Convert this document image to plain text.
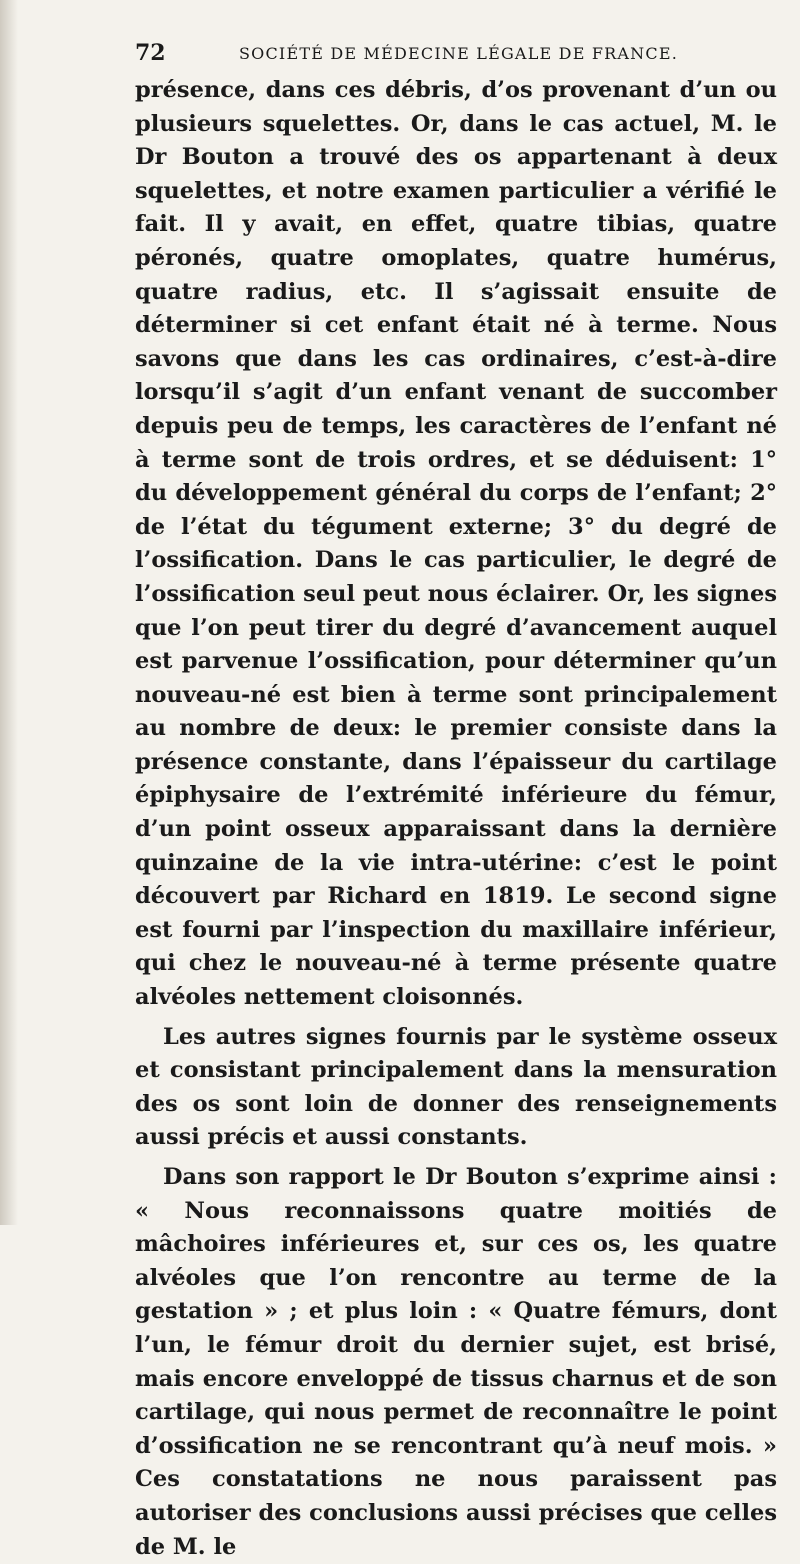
72	SOCIÉTÉ DE MÉDECINE LÉGALE DE FRANCE.

présence, dans ces débris, d’os provenant d’un ou plusieurs squelettes. Or, dans le cas actuel, M. le Dr Bouton a trouvé des os appartenant à deux squelettes, et notre examen particulier a vérifié le fait. Il y avait, en effet, quatre tibias, quatre péronés, quatre omoplates, quatre humérus, quatre radius, etc. Il s’agissait ensuite de déterminer si cet enfant était né à terme. Nous savons que dans les cas ordinaires, c’est-à-dire lorsqu’il s’agit d’un enfant venant de succomber depuis peu de temps, les caractères de l’enfant né à terme sont de trois ordres, et se déduisent: 1° du développement général du corps de l’enfant; 2° de l’état du tégument externe; 3° du degré de l’ossification. Dans le cas particulier, le degré de l’ossification seul peut nous éclairer. Or, les signes que l’on peut tirer du degré d’avancement auquel est parvenue l’ossification, pour déterminer qu’un nouveau-né est bien à terme sont principalement au nombre de deux: le premier consiste dans la présence constante, dans l’épaisseur du cartilage épiphysaire de l’extrémité inférieure du fémur, d’un point osseux apparaissant dans la dernière quinzaine de la vie intra-utérine: c’est le point découvert par Richard en 1819. Le second signe est fourni par l’inspection du maxillaire inférieur, qui chez le nouveau-né à terme présente quatre alvéoles nettement cloisonnés.

Les autres signes fournis par le système osseux et consistant principalement dans la mensuration des os sont loin de donner des renseignements aussi précis et aussi constants.

Dans son rapport le Dr Bouton s’exprime ainsi : « Nous reconnaissons quatre moitiés de mâchoires inférieures et, sur ces os, les quatre alvéoles que l’on rencontre au terme de la gestation » ; et plus loin : « Quatre fémurs, dont l’un, le fémur droit du dernier sujet, est brisé, mais encore enveloppé de tissus charnus et de son cartilage, qui nous permet de reconnaître le point d’ossification ne se rencontrant qu’à neuf mois. » Ces constatations ne nous paraissent pas autoriser des conclusions aussi précises que celles de M. le
